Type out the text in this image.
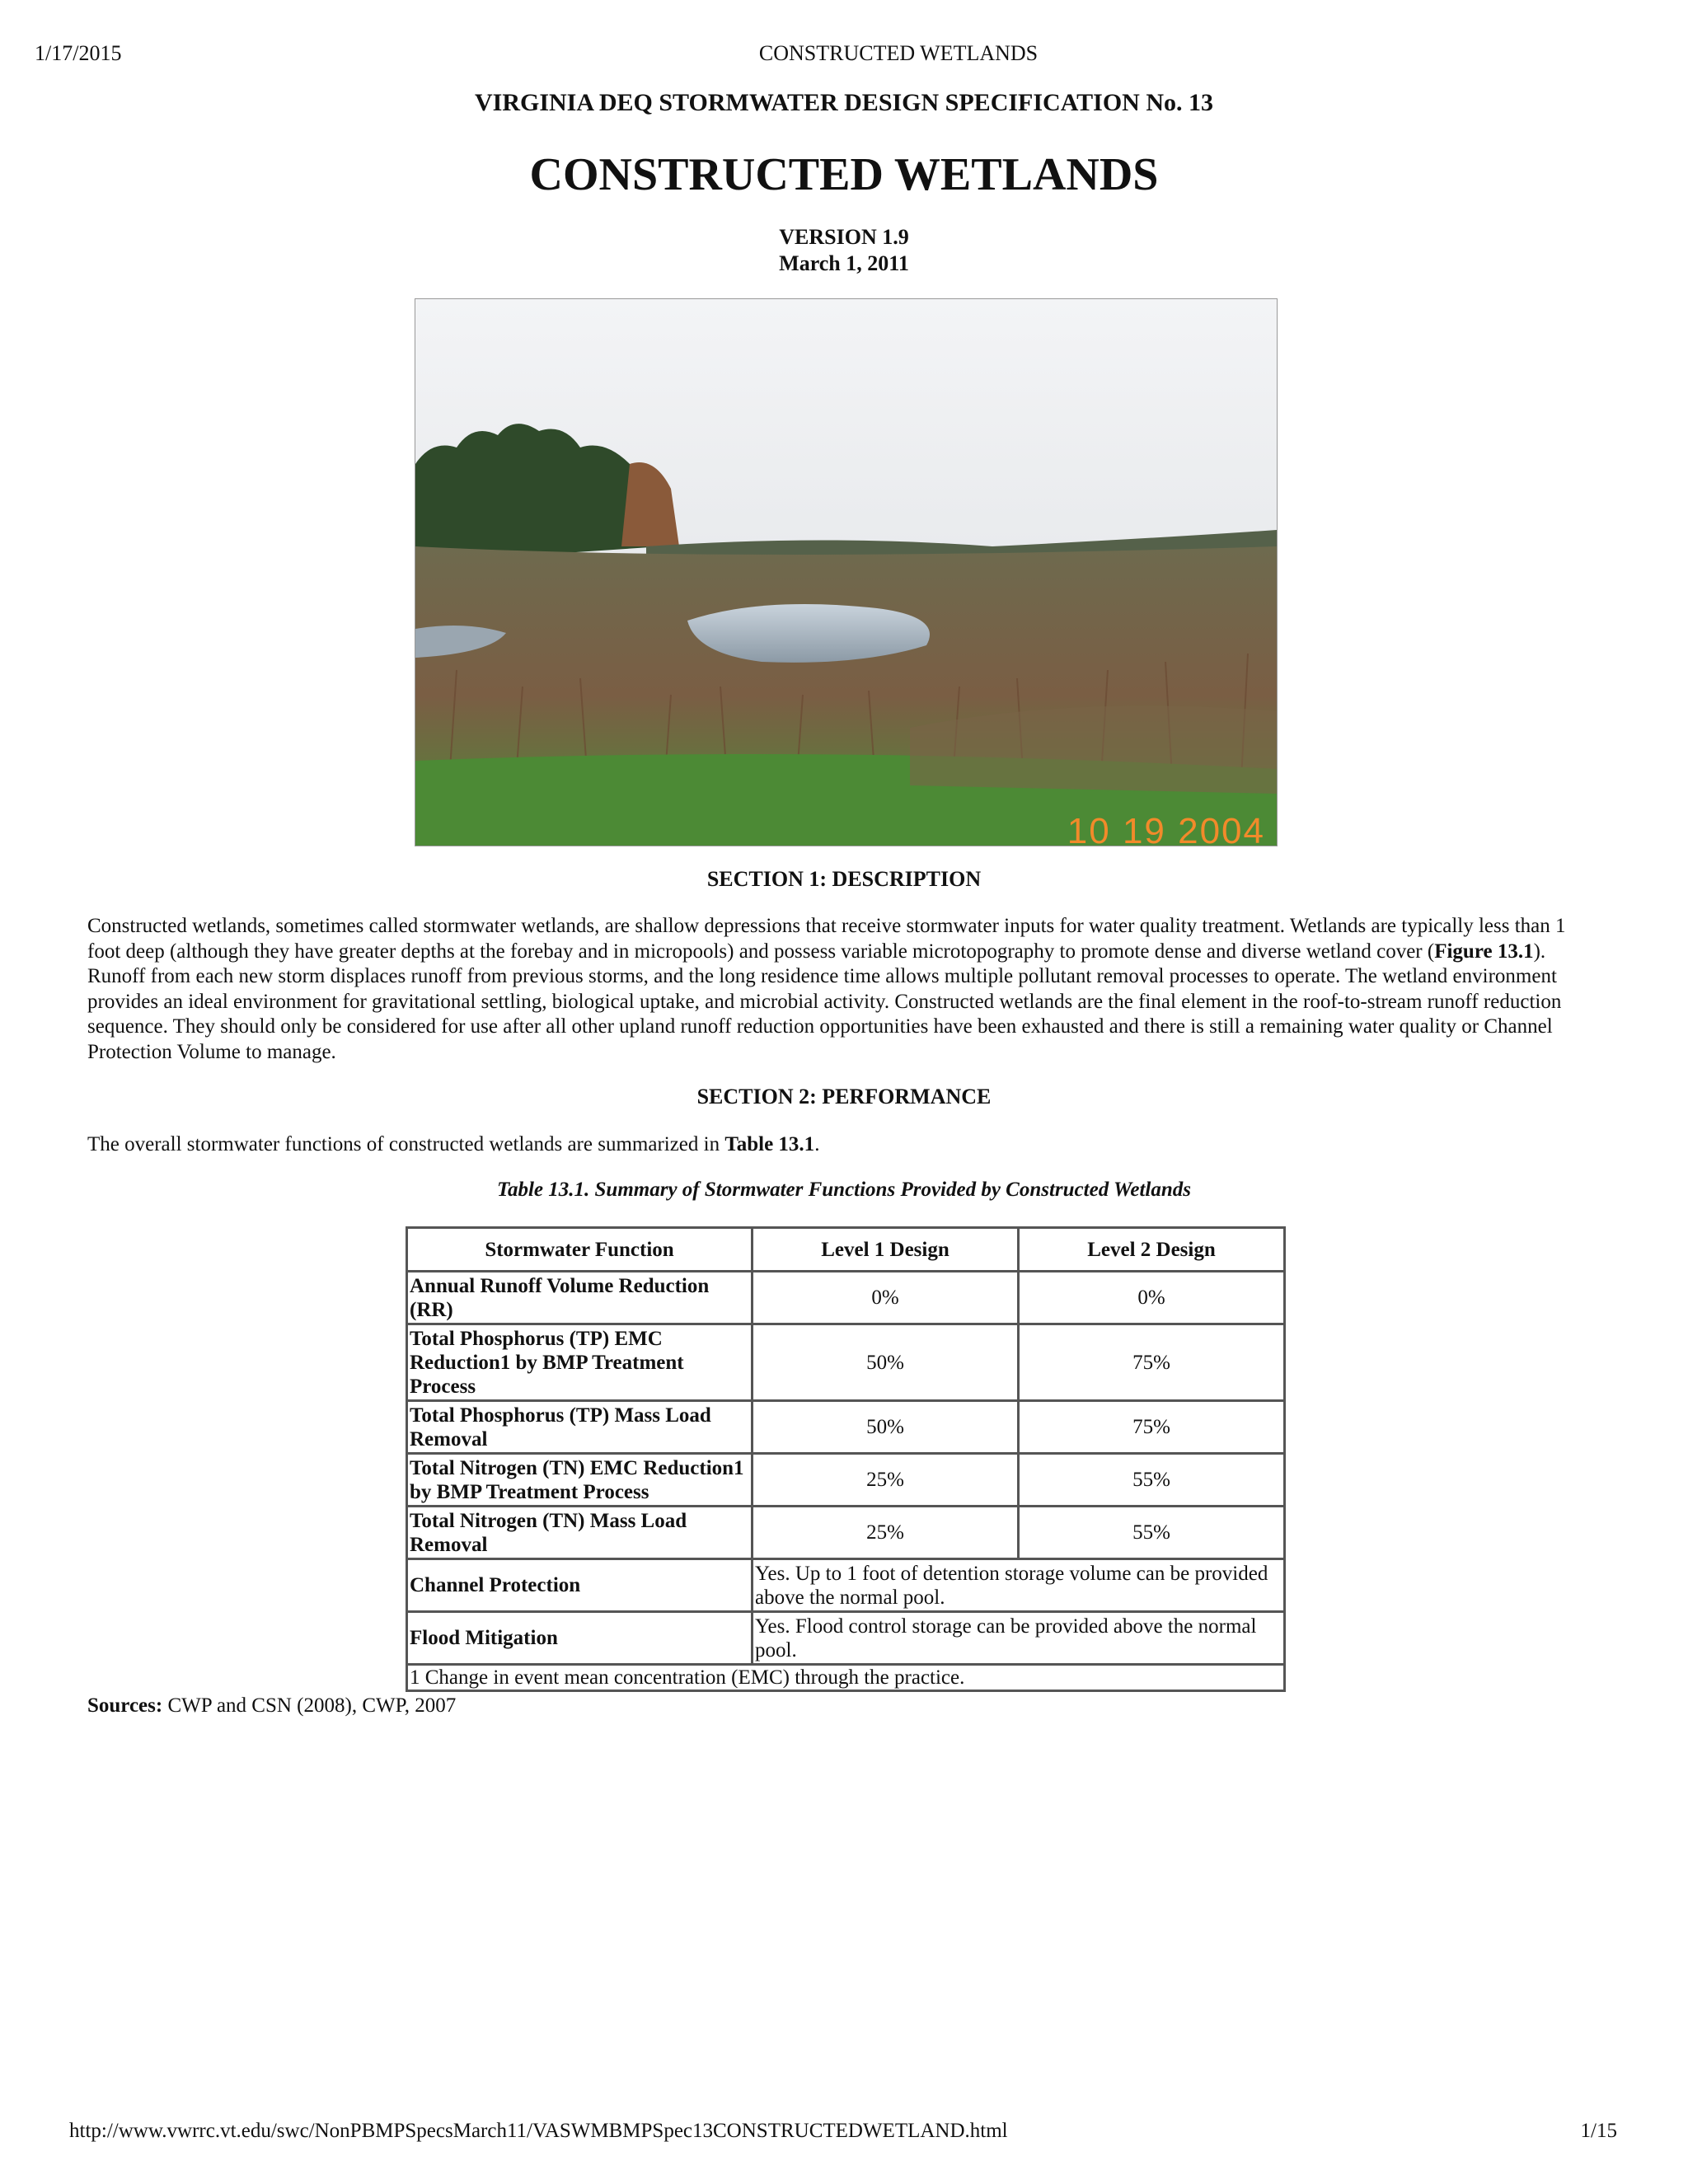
1/17/2015	CONSTRUCTED WETLANDS
VIRGINIA DEQ STORMWATER DESIGN SPECIFICATION No. 13
CONSTRUCTED WETLANDS
VERSION 1.9
March 1, 2011
10 19 2004
SECTION 1: DESCRIPTION
Constructed wetlands, sometimes called stormwater wetlands, are shallow depressions that receive stormwater inputs for water quality treatment. Wetlands are typically less than 1 foot deep (although they have greater depths at the forebay and in micropools) and possess variable microtopography to promote dense and diverse wetland cover (Figure 13.1). Runoff from each new storm displaces runoff from previous storms, and the long residence time allows multiple pollutant removal processes to operate. The wetland environment provides an ideal environment for gravitational settling, biological uptake, and microbial activity. Constructed wetlands are the final element in the roof-to-stream runoff reduction sequence. They should only be considered for use after all other upland runoff reduction opportunities have been exhausted and there is still a remaining water quality or Channel Protection Volume to manage.
SECTION 2: PERFORMANCE
The overall stormwater functions of constructed wetlands are summarized in Table 13.1.
Table 13.1. Summary of Stormwater Functions Provided by Constructed Wetlands
Stormwater Function	Level 1 Design	Level 2 Design
Annual Runoff Volume Reduction (RR)	0%	0%
Total Phosphorus (TP) EMC Reduction1 by BMP Treatment Process	50%	75%
Total Phosphorus (TP) Mass Load Removal	50%	75%
Total Nitrogen (TN) EMC Reduction1 by BMP Treatment Process	25%	55%
Total Nitrogen (TN) Mass Load Removal	25%	55%
Channel Protection	Yes. Up to 1 foot of detention storage volume can be provided above the normal pool.	
Flood Mitigation	Yes. Flood control storage can be provided above the normal pool.	
1 Change in event mean concentration (EMC) through the practice.		
Sources: CWP and CSN (2008), CWP, 2007
http://www.vwrrc.vt.edu/swc/NonPBMPSpecsMarch11/VASWMBMPSpec13CONSTRUCTEDWETLAND.html	1/15
